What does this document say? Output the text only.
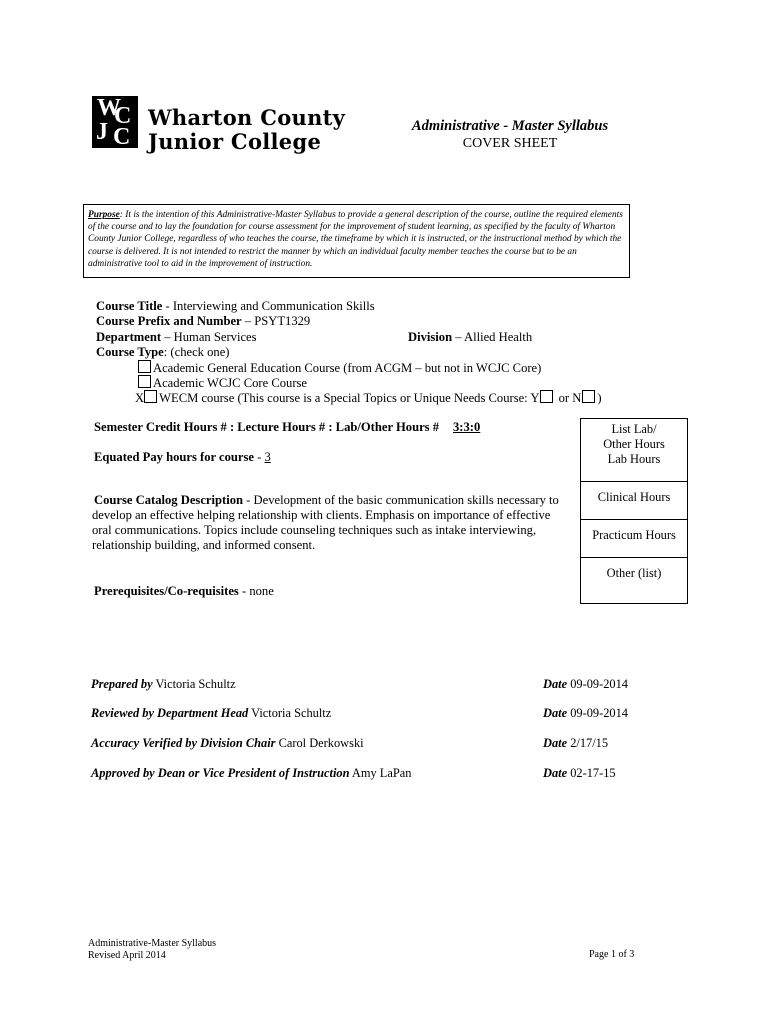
W
C
J C
Wharton County
Junior College
Administrative - Master Syllabus
COVER SHEET
Purpose: It is the intention of this Administrative-Master Syllabus to provide a general description of the course, outline the required elements of the course and to lay the foundation for course assessment for the improvement of student learning, as specified by the faculty of Wharton County Junior College, regardless of who teaches the course, the timeframe by which it is instructed, or the instructional method by which the course is delivered. It is not intended to restrict the manner by which an individual faculty member teaches the course but to be an administrative tool to aid in the improvement of instruction.
Course Title - Interviewing and Communication Skills
Course Prefix and Number – PSYT1329
Department – Human Services	Division – Allied Health
Course Type: (check one)
Academic General Education Course (from ACGM – but not in WCJC Core)
Academic WCJC Core Course
X WECM course (This course is a Special Topics or Unique Needs Course: Y or N )
Semester Credit Hours # : Lecture Hours # : Lab/Other Hours # 3:3:0
Equated Pay hours for course - 3
List Lab/
Other Hours
Lab Hours
Clinical Hours
Practicum Hours
Other (list)
Course Catalog Description - Development of the basic communication skills necessary to
develop an effective helping relationship with clients. Emphasis on importance of effective
oral communications. Topics include counseling techniques such as intake interviewing,
relationship building, and informed consent.
Prerequisites/Co-requisites - none
Prepared by Victoria Schultz	Date 09-09-2014
Reviewed by Department Head Victoria Schultz	Date 09-09-2014
Accuracy Verified by Division Chair Carol Derkowski	Date 2/17/15
Approved by Dean or Vice President of Instruction Amy LaPan	Date 02-17-15
Administrative-Master Syllabus
Revised April 2014	Page 1 of 3
